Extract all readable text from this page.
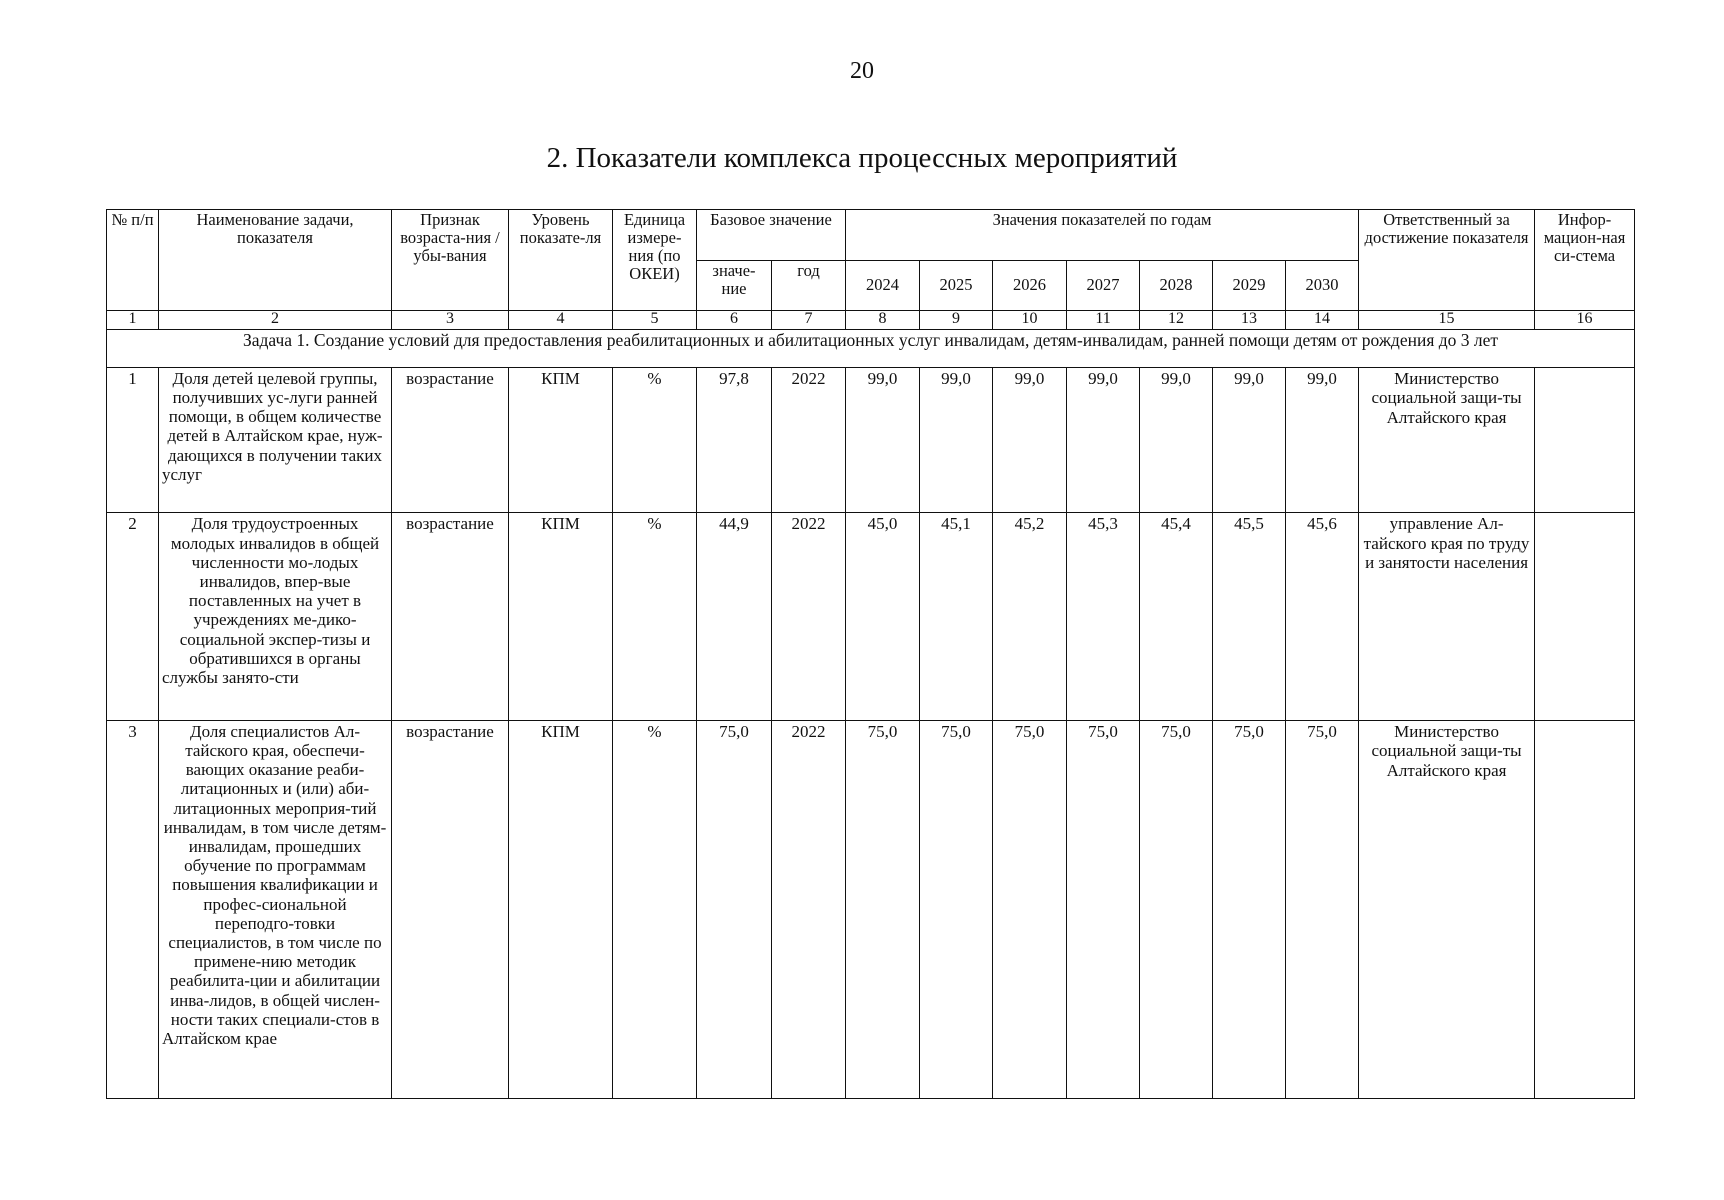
20
2. Показатели комплекса процессных мероприятий
№ п/п	Наименование задачи, показателя	Признак возраста-ния / убы-вания	Уровень показате-ля	Единица измере-ния (по ОКЕИ)	Базовое значение		Значения показателей по годам							Ответственный за достижение показателя	Инфор-мацион-ная си-стема
					значе-ние	год	2024	2025	2026	2027	2028	2029	2030		
1	2	3	4	5	6	7	8	9	10	11	12	13	14	15	16
Задача 1. Создание условий для предоставления реабилитационных и абилитационных услуг инвалидам, детям-инвалидам, ранней помощи детям от рождения до 3 лет															
1	Доля детей целевой группы, получивших ус-луги ранней помощи, в общем количестве детей в Алтайском крае, нуж-дающихся в получении таких услуг	возрастание	КПМ	%	97,8	2022	99,0	99,0	99,0	99,0	99,0	99,0	99,0	Министерство социальной защи-ты Алтайского края	
2	Доля трудоустроенных молодых инвалидов в общей численности мо-лодых инвалидов, впер-вые поставленных на учет в учреждениях ме-дико-социальной экспер-тизы и обратившихся в органы службы занято-сти	возрастание	КПМ	%	44,9	2022	45,0	45,1	45,2	45,3	45,4	45,5	45,6	управление Ал-тайского края по труду и занятости населения	
3	Доля специалистов Ал-тайского края, обеспечи-вающих оказание реаби-литационных и (или) аби-литационных мероприя-тий инвалидам, в том числе детям-инвалидам, прошедших обучение по программам повышения квалификации и профес-сиональной переподго-товки специалистов, в том числе по примене-нию методик реабилита-ции и абилитации инва-лидов, в общей числен-ности таких специали-стов в Алтайском крае	возрастание	КПМ	%	75,0	2022	75,0	75,0	75,0	75,0	75,0	75,0	75,0	Министерство социальной защи-ты Алтайского края	
